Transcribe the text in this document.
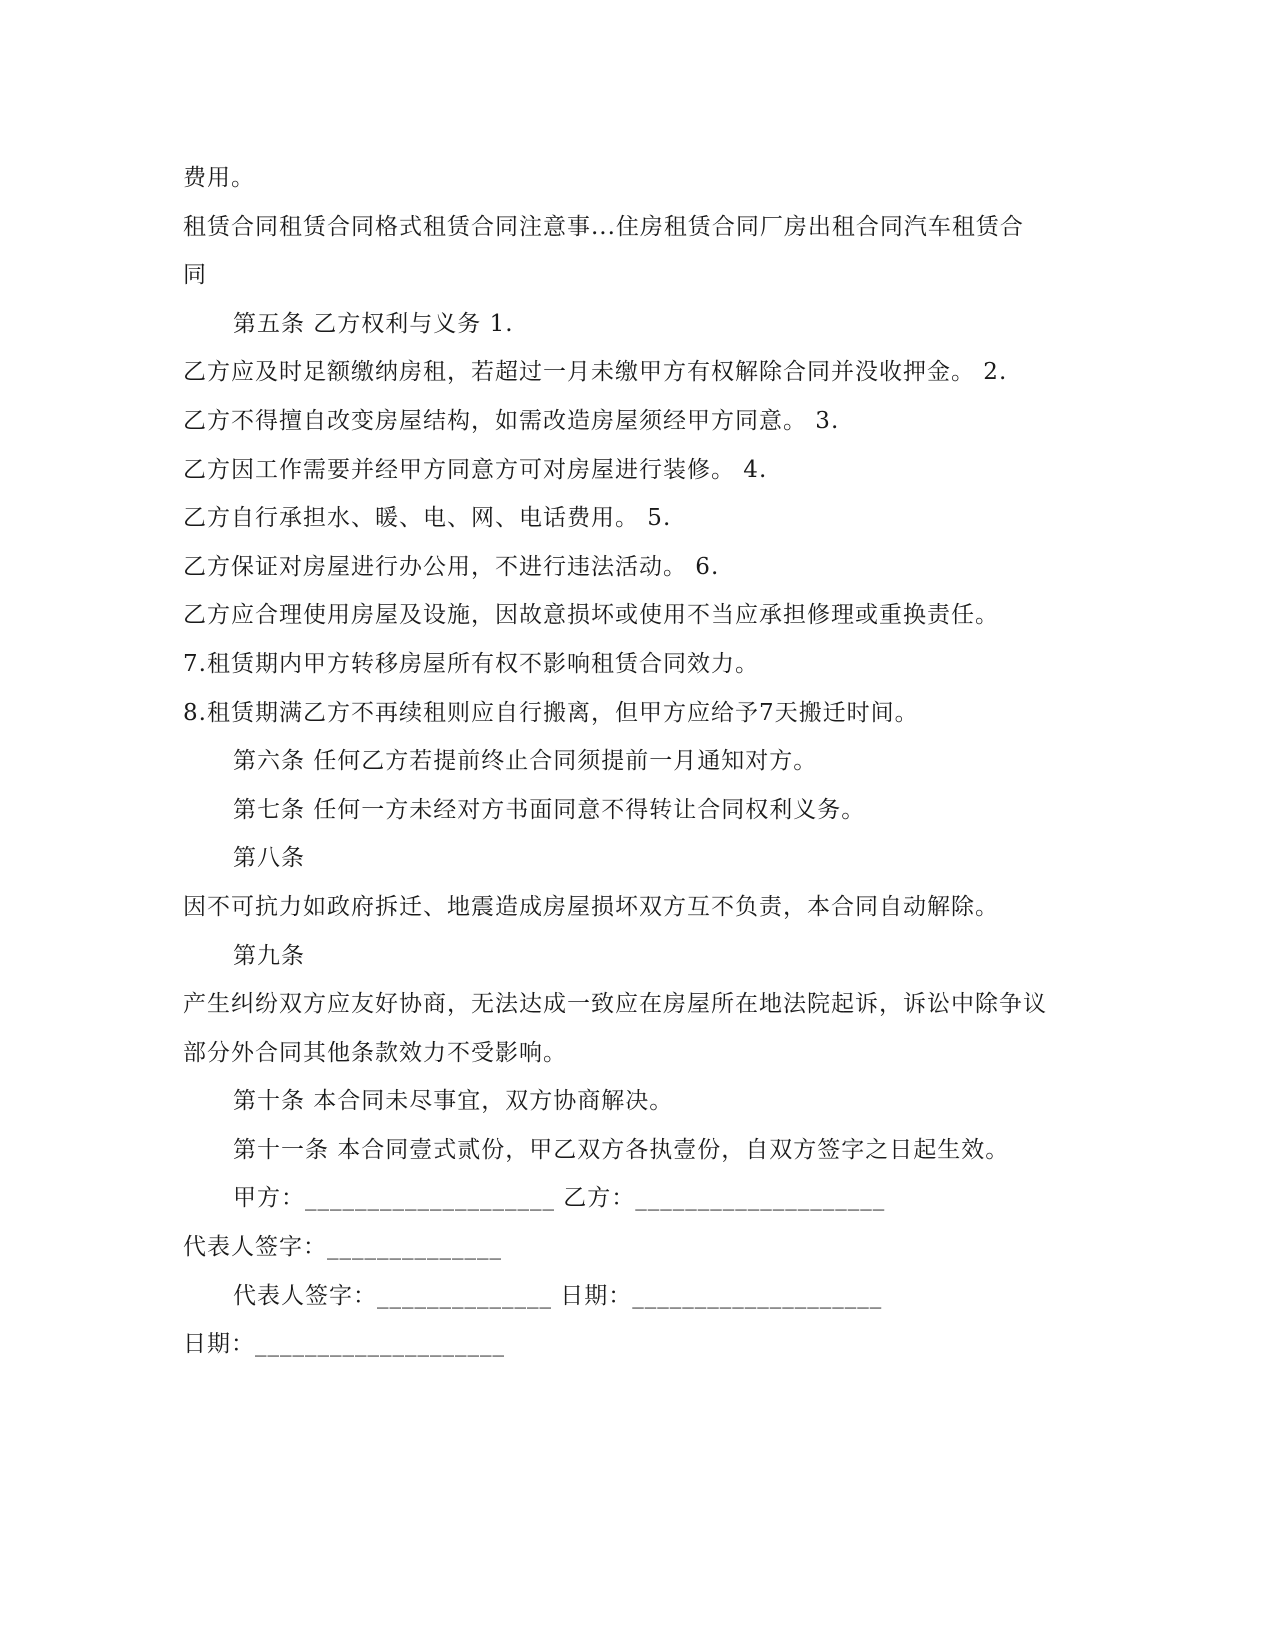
费用。
租赁合同租赁合同格式租赁合同注意事...住房租赁合同厂房出租合同汽车租赁合
同
第五条 乙方权利与义务 1.
乙方应及时足额缴纳房租，若超过一月未缴甲方有权解除合同并没收押金。 2.
乙方不得擅自改变房屋结构，如需改造房屋须经甲方同意。 3.
乙方因工作需要并经甲方同意方可对房屋进行装修。 4.
乙方自行承担水、暖、电、网、电话费用。 5.
乙方保证对房屋进行办公用，不进行违法活动。 6.
乙方应合理使用房屋及设施，因故意损坏或使用不当应承担修理或重换责任。
7.租赁期内甲方转移房屋所有权不影响租赁合同效力。
8.租赁期满乙方不再续租则应自行搬离，但甲方应给予7天搬迁时间。
第六条 任何乙方若提前终止合同须提前一月通知对方。
第七条 任何一方未经对方书面同意不得转让合同权利义务。
第八条
因不可抗力如政府拆迁、地震造成房屋损坏双方互不负责，本合同自动解除。
第九条
产生纠纷双方应友好协商，无法达成一致应在房屋所在地法院起诉，诉讼中除争议
部分外合同其他条款效力不受影响。
第十条 本合同未尽事宜，双方协商解决。
第十一条 本合同壹式贰份，甲乙双方各执壹份，自双方签字之日起生效。
甲方：____________________ 乙方：____________________
代表人签字：______________
代表人签字：______________ 日期：____________________
日期：____________________
